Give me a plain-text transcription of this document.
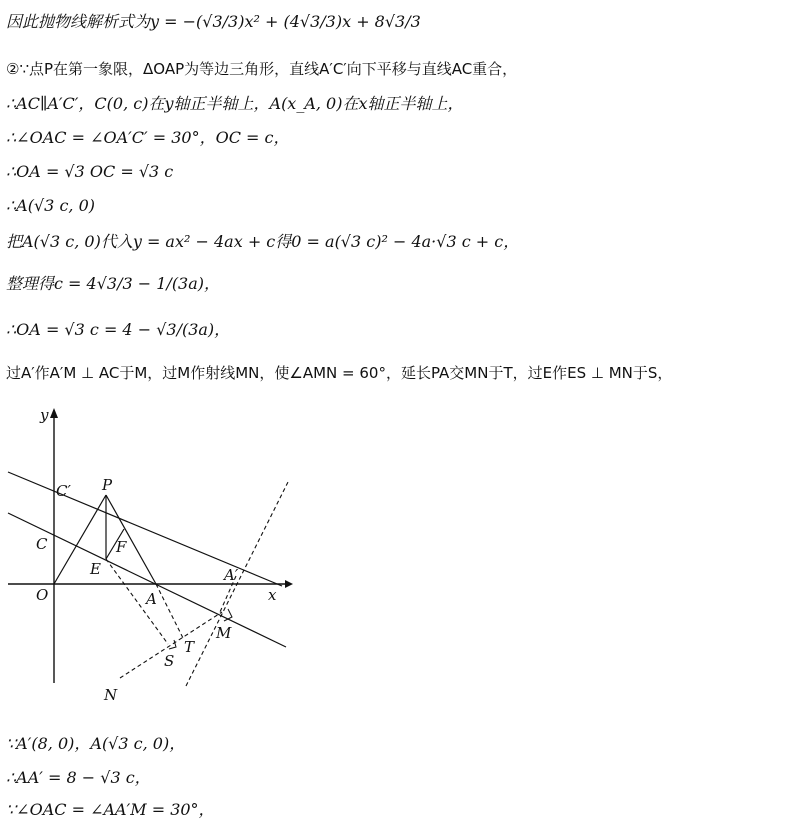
因此抛物线解析式为y = −(√3/3)x² + (4√3/3)x + 8√3/3
②∵点P在第一象限，ΔOAP为等边三角形，直线A′C′向下平移与直线AC重合，
∴AC∥A′C′，C(0, c)在y轴正半轴上，A(x_A, 0)在x轴正半轴上，
∴∠OAC = ∠OA′C′ = 30°，OC = c，
∴OA = √3 OC = √3 c
∴A(√3 c, 0)
把A(√3 c, 0)代入y = ax² − 4ax + c得0 = a(√3 c)² − 4a·√3 c + c，
整理得c = 4√3/3 − 1/(3a)，
∴OA = √3 c = 4 − √3/(3a)，
过A′作A′M ⊥ AC于M，过M作射线MN，使∠AMN = 60°，延长PA交MN于T，过E作ES ⊥ MN于S，
y
x
O
C
C′ P
F
E
A
A′
M
T
S
N
∵A′(8, 0)，A(√3 c, 0)，
∴AA′ = 8 − √3 c，
∵∠OAC = ∠AA′M = 30°，
